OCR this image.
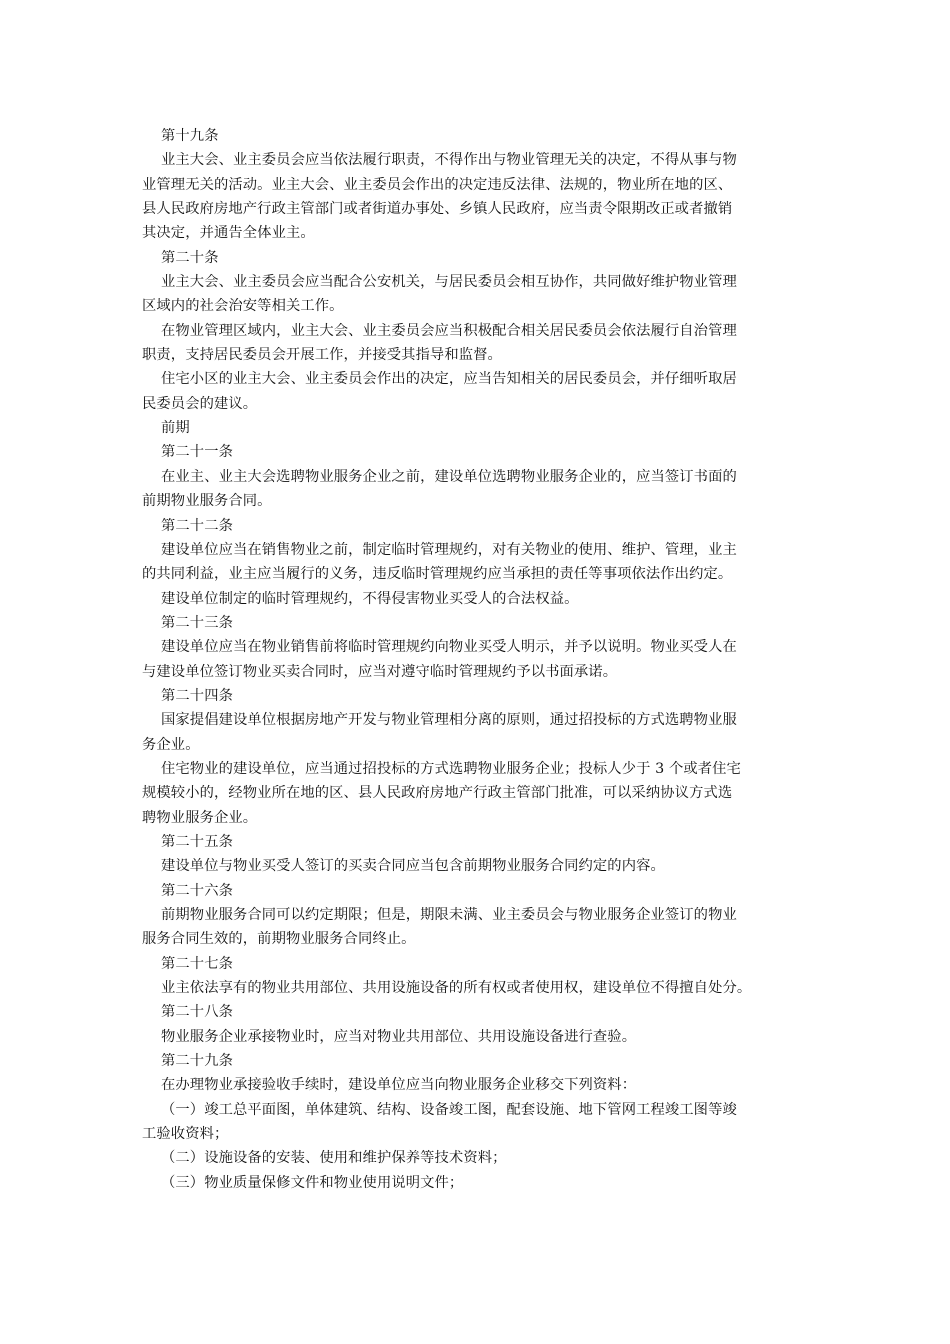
第十九条
业主大会、业主委员会应当依法履行职责，不得作出与物业管理无关的决定，不得从事与物
业管理无关的活动。业主大会、业主委员会作出的决定违反法律、法规的，物业所在地的区、
县人民政府房地产行政主管部门或者街道办事处、乡镇人民政府，应当责令限期改正或者撤销
其决定，并通告全体业主。
第二十条
业主大会、业主委员会应当配合公安机关，与居民委员会相互协作，共同做好维护物业管理
区域内的社会治安等相关工作。
在物业管理区域内，业主大会、业主委员会应当积极配合相关居民委员会依法履行自治管理
职责，支持居民委员会开展工作，并接受其指导和监督。
住宅小区的业主大会、业主委员会作出的决定，应当告知相关的居民委员会，并仔细听取居
民委员会的建议。
前期
第二十一条
在业主、业主大会选聘物业服务企业之前，建设单位选聘物业服务企业的，应当签订书面的
前期物业服务合同。
第二十二条
建设单位应当在销售物业之前，制定临时管理规约，对有关物业的使用、维护、管理，业主
的共同利益，业主应当履行的义务，违反临时管理规约应当承担的责任等事项依法作出约定。
建设单位制定的临时管理规约，不得侵害物业买受人的合法权益。
第二十三条
建设单位应当在物业销售前将临时管理规约向物业买受人明示，并予以说明。物业买受人在
与建设单位签订物业买卖合同时，应当对遵守临时管理规约予以书面承诺。
第二十四条
国家提倡建设单位根据房地产开发与物业管理相分离的原则，通过招投标的方式选聘物业服
务企业。
住宅物业的建设单位，应当通过招投标的方式选聘物业服务企业；投标人少于 3 个或者住宅
规模较小的，经物业所在地的区、县人民政府房地产行政主管部门批准，可以采纳协议方式选
聘物业服务企业。
第二十五条
建设单位与物业买受人签订的买卖合同应当包含前期物业服务合同约定的内容。
第二十六条
前期物业服务合同可以约定期限；但是，期限未满、业主委员会与物业服务企业签订的物业
服务合同生效的，前期物业服务合同终止。
第二十七条
业主依法享有的物业共用部位、共用设施设备的所有权或者使用权，建设单位不得擅自处分。
第二十八条
物业服务企业承接物业时，应当对物业共用部位、共用设施设备进行查验。
第二十九条
在办理物业承接验收手续时，建设单位应当向物业服务企业移交下列资料：
（一）竣工总平面图，单体建筑、结构、设备竣工图，配套设施、地下管网工程竣工图等竣
工验收资料；
（二）设施设备的安装、使用和维护保养等技术资料；
（三）物业质量保修文件和物业使用说明文件；
